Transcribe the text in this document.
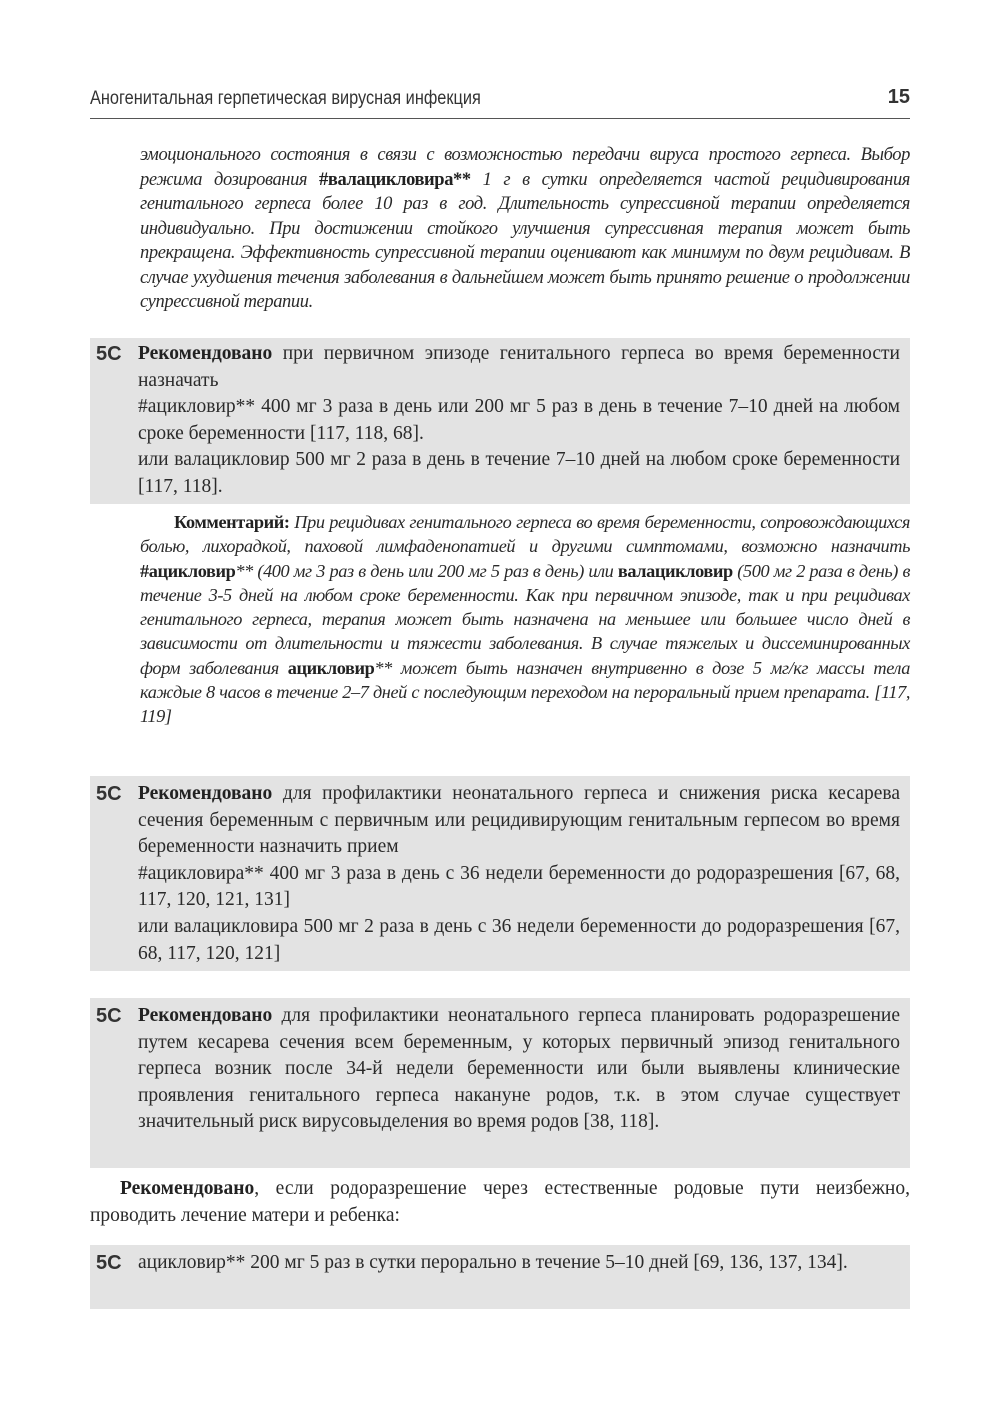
Аногенитальная герпетическая вирусная инфекция	15
эмоционального состояния в связи с возможностью передачи вируса простого герпеса. Выбор режима дозирования #валацикловира** 1 г в сутки определяется частой рецидивирования генитального герпеса более 10 раз в год. Длительность супрессивной терапии определяется индивидуально. При достижении стойкого улучшения супрессивная терапия может быть прекращена. Эффективность супрессивной терапии оценивают как минимум по двум рецидивам. В случае ухудшения течения заболевания в дальнейшем может быть принято решение о продолжении супрессивной терапии.
5C Рекомендовано при первичном эпизоде генитального герпеса во время беременности назначать
#ацикловир** 400 мг 3 раза в день или 200 мг 5 раз в день в течение 7–10 дней на любом сроке беременности [117, 118, 68].
или валацикловир 500 мг 2 раза в день в течение 7–10 дней на любом сроке беременности [117, 118].
Комментарий: При рецидивах генитального герпеса во время беременности, сопровождающихся болью, лихорадкой, паховой лимфаденопатией и другими симптомами, возможно назначить #ацикловир** (400 мг 3 раз в день или 200 мг 5 раз в день) или валацикловир (500 мг 2 раза в день) в течение 3-5 дней на любом сроке беременности. Как при первичном эпизоде, так и при рецидивах генитального герпеса, терапия может быть назначена на меньшее или большее число дней в зависимости от длительности и тяжести заболевания. В случае тяжелых и диссеминированных форм заболевания ацикловир** может быть назначен внутривенно в дозе 5 мг/кг массы тела каждые 8 часов в течение 2–7 дней с последующим переходом на пероральный прием препарата. [117, 119]
5C Рекомендовано для профилактики неонатального герпеса и снижения риска кесарева сечения беременным с первичным или рецидивирующим генитальным герпесом во время беременности назначить прием
#ацикловира** 400 мг 3 раза в день с 36 недели беременности до родоразрешения [67, 68, 117, 120, 121, 131]
или валацикловира 500 мг 2 раза в день с 36 недели беременности до родоразрешения [67, 68, 117, 120, 121]
5C Рекомендовано для профилактики неонатального герпеса планировать родоразрешение путем кесарева сечения всем беременным, у которых первичный эпизод генитального герпеса возник после 34-й недели беременности или были выявлены клинические проявления генитального герпеса накануне родов, т.к. в этом случае существует значительный риск вирусовыделения во время родов [38, 118].
Рекомендовано, если родоразрешение через естественные родовые пути неизбежно, проводить лечение матери и ребенка:
5C ацикловир** 200 мг 5 раз в сутки перорально в течение 5–10 дней [69, 136, 137, 134].
